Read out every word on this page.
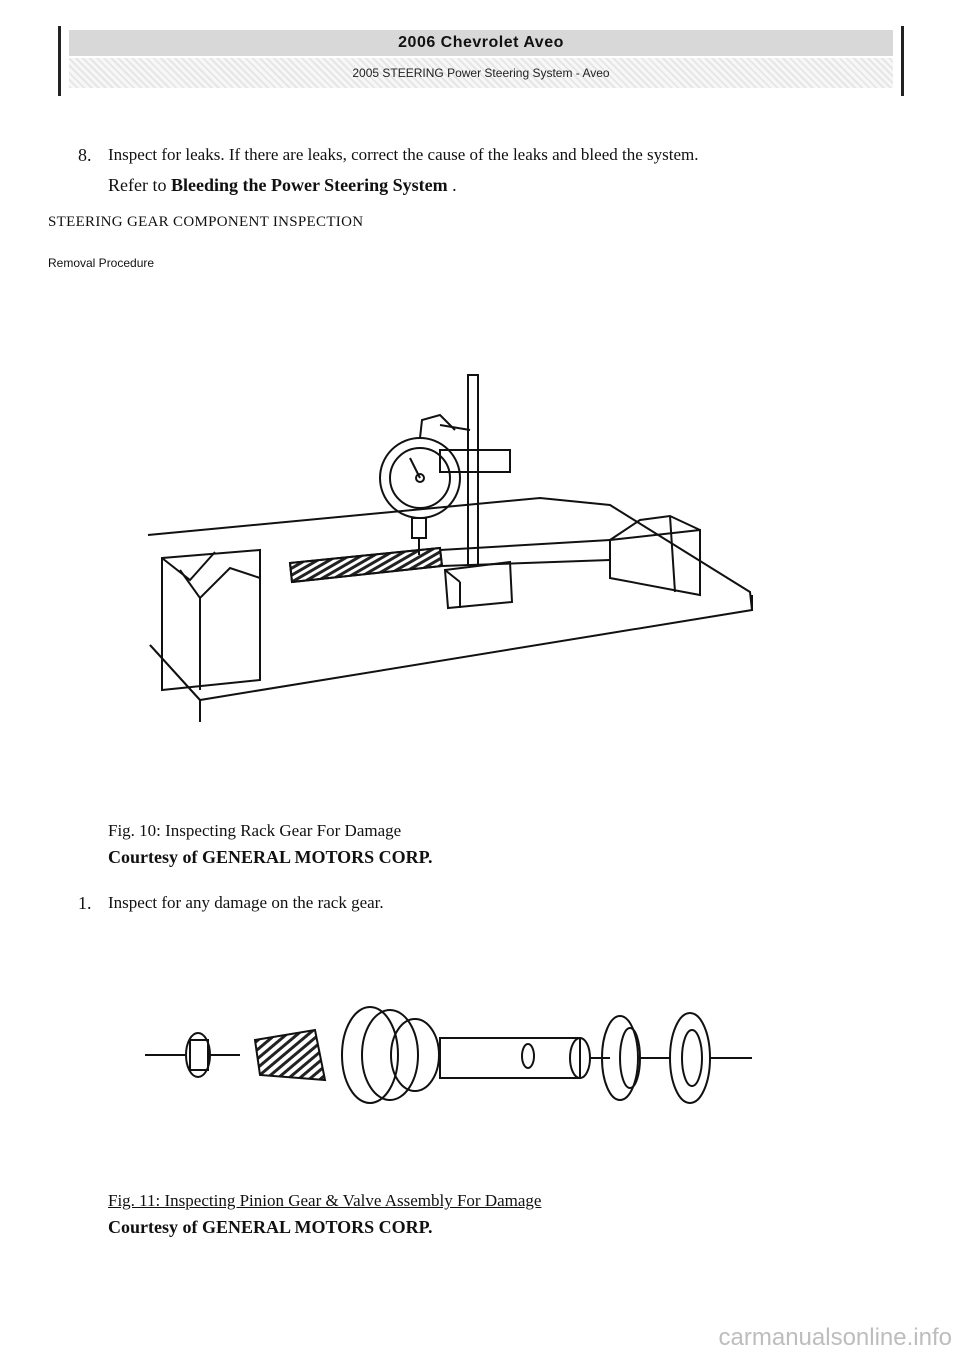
2006 Chevrolet Aveo
2005 STEERING Power Steering System - Aveo
8. Inspect for leaks. If there are leaks, correct the cause of the leaks and bleed the system.
Refer to Bleeding the Power Steering System .
STEERING GEAR COMPONENT INSPECTION
Removal Procedure
Fig. 10: Inspecting Rack Gear For Damage
Courtesy of GENERAL MOTORS CORP.
1. Inspect for any damage on the rack gear.
Fig. 11: Inspecting Pinion Gear & Valve Assembly For Damage
Courtesy of GENERAL MOTORS CORP.
carmanualsonline.info
